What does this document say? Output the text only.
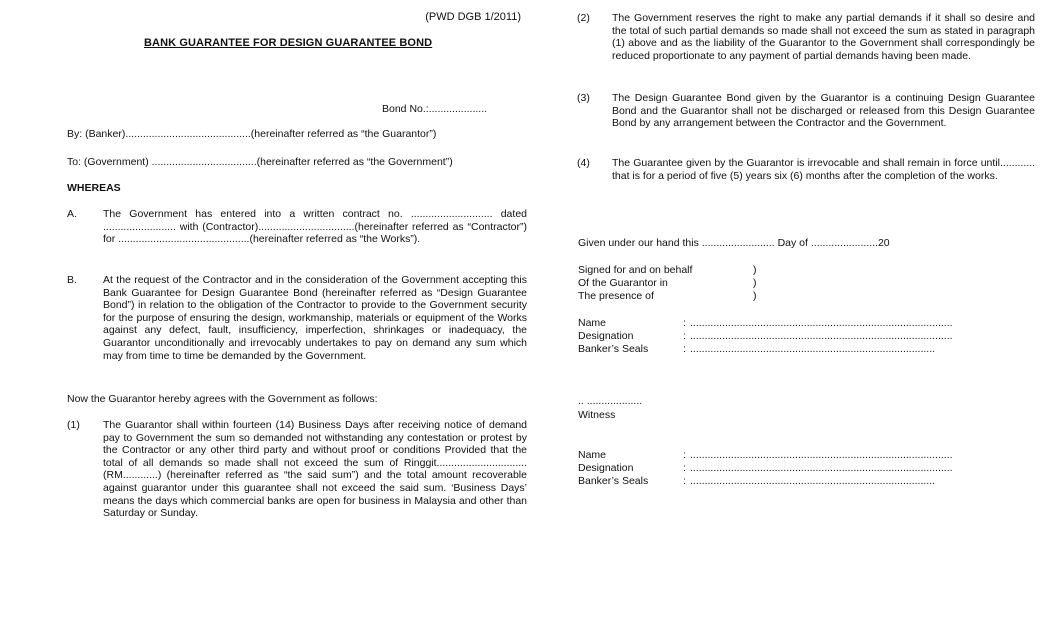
(PWD DGB 1/2011)
BANK GUARANTEE FOR DESIGN GUARANTEE BOND
Bond No.:....................
By: (Banker)...........................................(hereinafter referred as “the Guarantor”)
To: (Government) ....................................(hereinafter referred as “the Government”)
WHEREAS
A. The Government has entered into a written contract no. ............................ dated ......................... with (Contractor).................................(hereinafter referred as “Contractor”) for .............................................(hereinafter referred as “the Works”).
B. At the request of the Contractor and in the consideration of the Government accepting this Bank Guarantee for Design Guarantee Bond (hereinafter referred as “Design Guarantee Bond”) in relation to the obligation of the Contractor to provide to the Government security for the purpose of ensuring the design, workmanship, materials or equipment of the Works against any defect, fault, insufficiency, imperfection, shrinkages or inadequacy, the Guarantor unconditionally and irrevocably undertakes to pay on demand any sum which may from time to time be demanded by the Government.
Now the Guarantor hereby agrees with the Government as follows:
(1) The Guarantor shall within fourteen (14) Business Days after receiving notice of demand pay to Government the sum so demanded not withstanding any contestation or protest by the Contractor or any other third party and without proof or conditions Provided that the total of all demands so made shall not exceed the sum of Ringgit............................... (RM............) (hereinafter referred as “the said sum”) and the total amount recoverable against guarantor under this guarantee shall not exceed the said sum. ‘Business Days’ means the days which commercial banks are open for business in Malaysia and other than Saturday or Sunday.
(2) The Government reserves the right to make any partial demands if it shall so desire and the total of such partial demands so made shall not exceed the sum as stated in paragraph (1) above and as the liability of the Guarantor to the Government shall correspondingly be reduced proportionate to any payment of partial demands having been made.
(3) The Design Guarantee Bond given by the Guarantor is a continuing Design Guarantee Bond and the Guarantor shall not be discharged or released from this Design Guarantee Bond by any arrangement between the Contractor and the Government.
(4) The Guarantee given by the Guarantor is irrevocable and shall remain in force until............ that is for a period of five (5) years six (6) months after the completion of the works.
Given under our hand this ......................... Day of .......................20
Signed for and on behalf	)
Of the Guarantor in	)
The presence of	)
Name	: ..........................................................................................
Designation	: ..........................................................................................
Banker’s Seals	: ....................................................................................
.. ...................
Witness
Name	: ..........................................................................................
Designation	: ..........................................................................................
Banker’s Seals	: ....................................................................................
